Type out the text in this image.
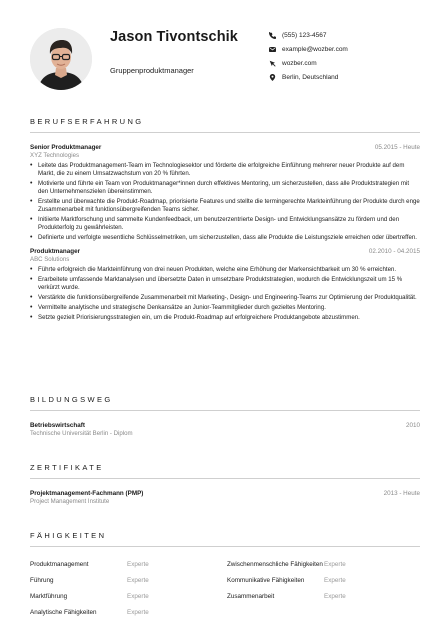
Jason Tivontschik
Gruppenproduktmanager
(555) 123-4567
example@wozber.com
wozber.com
Berlin, Deutschland
BERUFSERFAHRUNG
Senior Produktmanager	05.2015 - Heute
XYZ Technologies
• Leitete das Produktmanagement-Team im Technologiesektor und förderte die erfolgreiche Einführung mehrerer neuer Produkte auf dem Markt, die zu einem Umsatzwachstum von 20 % führten.
• Motivierte und führte ein Team von Produktmanager*innen durch effektives Mentoring, um sicherzustellen, dass alle Produktstrategien mit den Unternehmenszielen übereinstimmen.
• Erstellte und überwachte die Produkt-Roadmap, priorisierte Features und stellte die termingerechte Markteinführung der Produkte durch enge Zusammenarbeit mit funktionsübergreifenden Teams sicher.
• Initiierte Marktforschung und sammelte Kundenfeedback, um benutzerzentrierte Design- und Entwicklungsansätze zu fördern und den Produkterfolg zu gewährleisten.
• Definierte und verfolgte wesentliche Schlüsselmetriken, um sicherzustellen, dass alle Produkte die Leistungsziele erreichen oder übertreffen.
Produktmanager	02.2010 - 04.2015
ABC Solutions
• Führte erfolgreich die Markteinführung von drei neuen Produkten, welche eine Erhöhung der Markensichtbarkeit um 30 % erreichten.
• Erarbeitete umfassende Marktanalysen und übersetzte Daten in umsetzbare Produktstrategien, wodurch die Entwicklungszeit um 15 % verkürzt wurde.
• Verstärkte die funktionsübergreifende Zusammenarbeit mit Marketing-, Design- und Engineering-Teams zur Optimierung der Produktqualität.
• Vermittelte analytische und strategische Denkansätze an Junior-Teammitglieder durch gezieltes Mentoring.
• Setzte gezielt Priorisierungsstrategien ein, um die Produkt-Roadmap auf erfolgreichere Produktangebote abzustimmen.
BILDUNGSWEG
Betriebswirtschaft	2010
Technische Universität Berlin - Diplom
ZERTIFIKATE
Projektmanagement-Fachmann (PMP)	2013 - Heute
Project Management Institute
FÄHIGKEITEN
Produktmanagement	Experte	Zwischenmenschliche Fähigkeiten Experte
Führung	Experte	Kommunikative Fähigkeiten	Experte
Marktführung	Experte	Zusammenarbeit	Experte
Analytische Fähigkeiten	Experte
